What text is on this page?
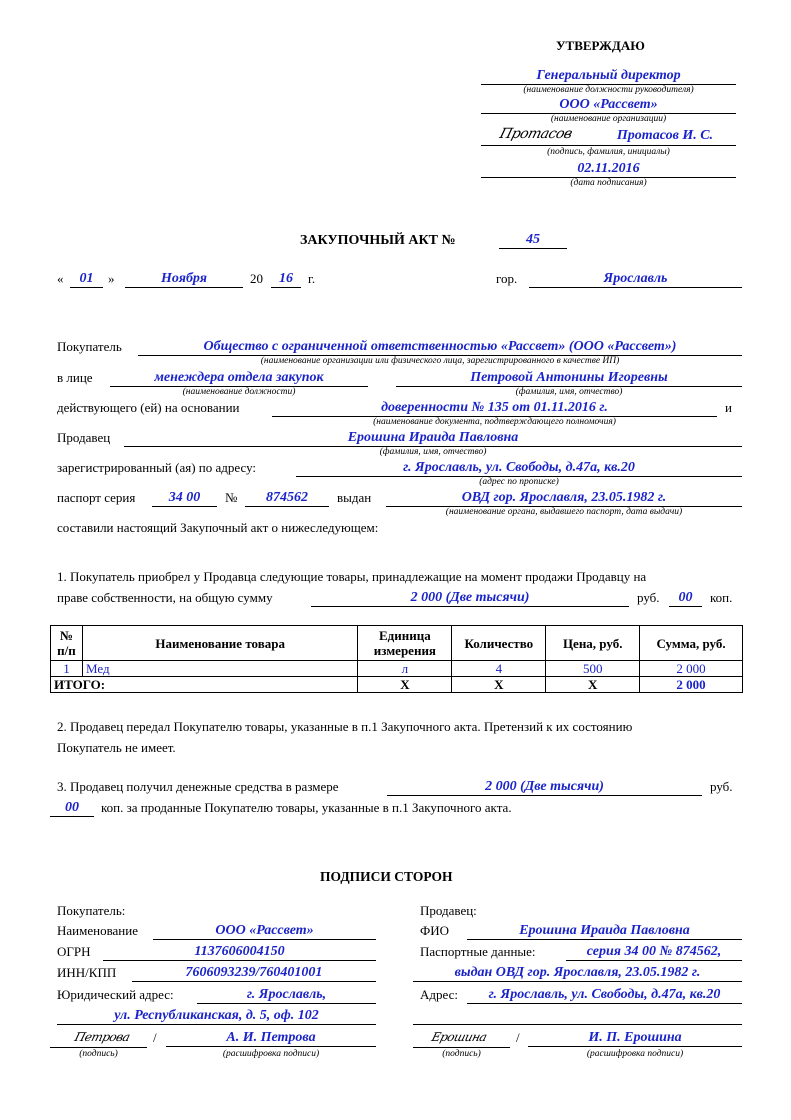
УТВЕРЖДАЮ
Генеральный директор
(наименование должности руководителя)
ООО «Рассвет»
(наименование организации)
Протасов	Протасов И. С.
(подпись, фамилия, инициалы)
02.11.2016
(дата подписания)
ЗАКУПОЧНЫЙ АКТ №	45
«	01	»	Ноября	20	16	г.	гор.	Ярославль
Покупатель	Общество с ограниченной ответственностью «Рассвет» (ООО «Рассвет»)
(наименование организации или физического лица, зарегистрированного в качестве ИП)
в лице	менеждера отдела закупок
(наименование должности)
Петровой Антонины Игоревны
(фамилия, имя, отчество)
действующего (ей) на основании	доверенности № 135 от 01.11.2016 г.	и
(наименование документа, подтверждающего полномочия)
Продавец	Ерошина Ираида Павловна
(фамилия, имя, отчество)
зарегистрированный (ая) по адресу:	г. Ярославль, ул. Свободы, д.47а, кв.20
(адрес по прописке)
паспорт серия	34 00	№	874562	выдан	ОВД гор. Ярославля, 23.05.1982 г.
(наименование органа, выдавшего паспорт, дата выдачи)
составили настоящий Закупочный акт о нижеследующем:
1. Покупатель приобрел у Продавца следующие товары, принадлежащие на момент продажи Продавцу на
праве собственности, на общую сумму	2 000 (Две тысячи)	руб.	00	коп.
№ п/п	Наименование товара	Единица измерения	Количество	Цена, руб.	Сумма, руб.
1	Мед	л	4	500	2 000
ИТОГО:		Х	Х	Х	2 000
2. Продавец передал Покупателю товары, указанные в п.1 Закупочного акта. Претензий к их состоянию
Покупатель не имеет.
3. Продавец получил денежные средства в размере	2 000 (Две тысячи)	руб.
00	коп. за проданные Покупателю товары, указанные в п.1 Закупочного акта.
ПОДПИСИ СТОРОН
Покупатель:
Наименование	ООО «Рассвет»
ОГРН	1137606004150
ИНН/КПП	7606093239/760401001
Юридический адрес:	г. Ярославль,
ул. Республиканская, д. 5, оф. 102
Петрова
(подпись)
/	А. И. Петрова
(расшифровка подписи)
Продавец:
ФИО	Ерошина Ираида Павловна
Паспортные данные:	серия 34 00 № 874562,
выдан ОВД гор. Ярославля, 23.05.1982 г.
Адрес:	г. Ярославль, ул. Свободы, д.47а, кв.20
Ерошина
(подпись)
/	И. П. Ерошина
(расшифровка подписи)
